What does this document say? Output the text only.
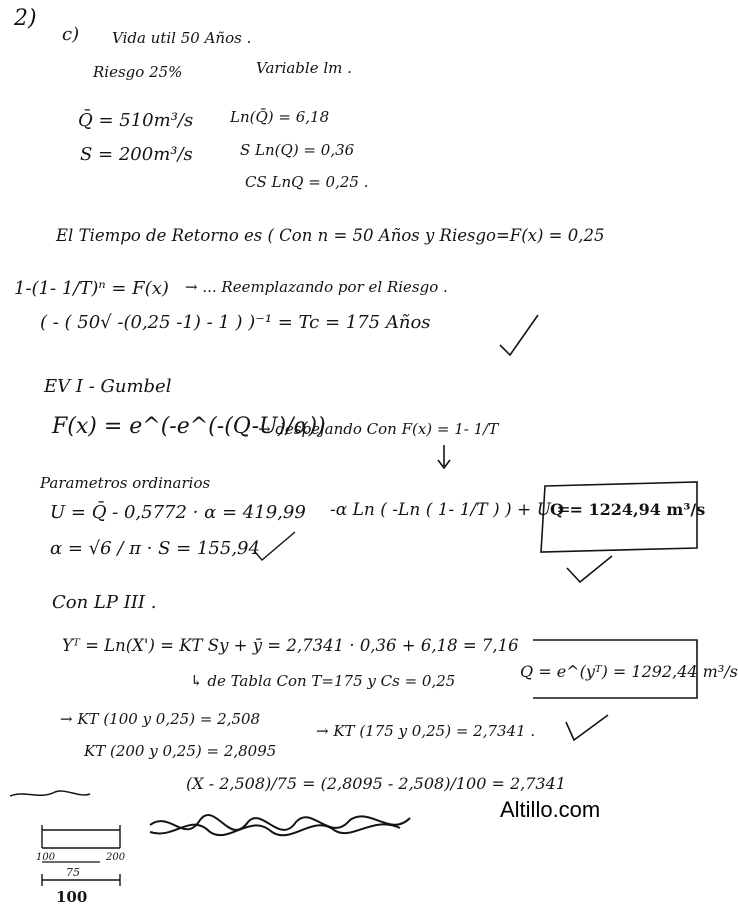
2)
c) Vida util 50 Años .
Riesgo 25%	Variable lm .
Q̄ = 510m³/s
S = 200m³/s
Ln(Q̄) = 6,18
S Ln(Q) = 0,36
CS LnQ = 0,25 .
El Tiempo de Retorno es ( Con n = 50 Años y Riesgo=F(x) = 0,25
1-(1- 1/T)ⁿ = F(x) → ... Reemplazando por el Riesgo .
( - ( 50√ -(0,25 -1) - 1 ) )⁻¹ = Tc = 175 Años
EV I - Gumbel
F(x) = e^(-e^(-(Q-U)/α))
→ despejando Con F(x) = 1- 1/T
Parametros ordinarios
U = Q̄ - 0,5772 · α = 419,99
α = √6 / π · S = 155,94
-α Ln ( -Ln ( 1- 1/T ) ) + U =
Q = 1224,94 m³/s
Con LP III .
Yᵀ = Ln(X') = KT Sy + ȳ = 2,7341 · 0,36 + 6,18 = 7,16
↳ de Tabla Con T=175 y Cs = 0,25	Q = e^(yᵀ) = 1292,44 m³/s
→ KT (100 y 0,25) = 2,508
KT (200 y 0,25) = 2,8095
→ KT (175 y 0,25) = 2,7341 .
(X - 2,508)/75 = (2,8095 - 2,508)/100 = 2,7341
100	200
75
100
Altillo.com
